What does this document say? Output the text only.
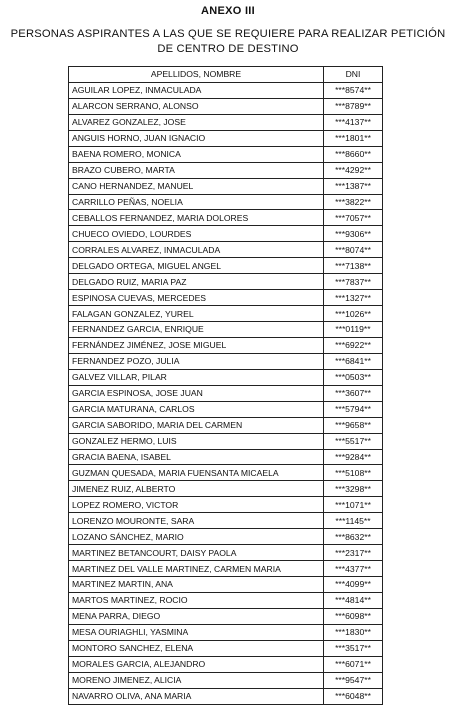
ANEXO III
PERSONAS ASPIRANTES A LAS QUE SE REQUIERE PARA REALIZAR PETICIÓN
DE CENTRO DE DESTINO
APELLIDOS, NOMBRE	DNI
AGUILAR LOPEZ, INMACULADA	***8574**
ALARCON SERRANO, ALONSO	***8789**
ALVAREZ GONZALEZ, JOSE	***4137**
ANGUIS HORNO, JUAN IGNACIO	***1801**
BAENA ROMERO, MONICA	***8660**
BRAZO CUBERO, MARTA	***4292**
CANO HERNANDEZ, MANUEL	***1387**
CARRILLO PEÑAS, NOELIA	***3822**
CEBALLOS FERNANDEZ, MARIA DOLORES	***7057**
CHUECO OVIEDO, LOURDES	***9306**
CORRALES ALVAREZ, INMACULADA	***8074**
DELGADO ORTEGA, MIGUEL ANGEL	***7138**
DELGADO RUIZ, MARIA PAZ	***7837**
ESPINOSA CUEVAS, MERCEDES	***1327**
FALAGAN GONZALEZ, YUREL	***1026**
FERNANDEZ GARCIA, ENRIQUE	***0119**
FERNÁNDEZ JIMÉNEZ, JOSE MIGUEL	***6922**
FERNANDEZ POZO, JULIA	***6841**
GALVEZ VILLAR, PILAR	***0503**
GARCIA ESPINOSA, JOSE JUAN	***3607**
GARCIA MATURANA, CARLOS	***5794**
GARCIA SABORIDO, MARIA DEL CARMEN	***9658**
GONZALEZ HERMO, LUIS	***5517**
GRACIA BAENA, ISABEL	***9284**
GUZMAN QUESADA, MARIA FUENSANTA MICAELA	***5108**
JIMENEZ RUIZ, ALBERTO	***3298**
LOPEZ ROMERO, VICTOR	***1071**
LORENZO MOURONTE, SARA	***1145**
LOZANO SÁNCHEZ, MARIO	***8632**
MARTINEZ BETANCOURT, DAISY PAOLA	***2317**
MARTINEZ DEL VALLE MARTINEZ, CARMEN MARIA	***4377**
MARTINEZ MARTIN, ANA	***4099**
MARTOS MARTINEZ, ROCIO	***4814**
MENA PARRA, DIEGO	***6098**
MESA OURIAGHLI, YASMINA	***1830**
MONTORO SANCHEZ, ELENA	***3517**
MORALES GARCIA, ALEJANDRO	***6071**
MORENO JIMENEZ, ALICIA	***9547**
NAVARRO OLIVA, ANA MARIA	***6048**
